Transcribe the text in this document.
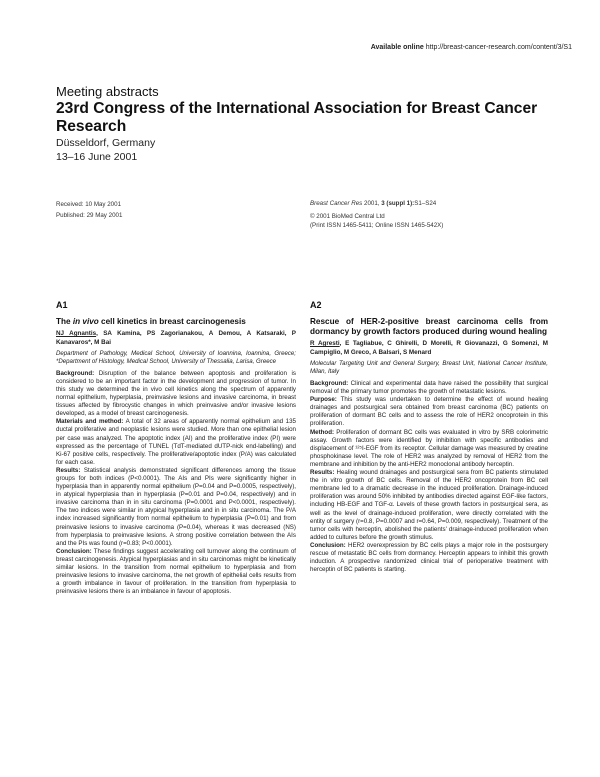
Available online http://breast-cancer-research.com/content/3/S1
Meeting abstracts
23rd Congress of the International Association for Breast Cancer Research
Düsseldorf, Germany
13–16 June 2001
Received: 10 May 2001
Published: 29 May 2001
Breast Cancer Res 2001, 3 (suppl 1):S1–S24
© 2001 BioMed Central Ltd
(Print ISSN 1465-5411; Online ISSN 1465-542X)
A1
The in vivo cell kinetics in breast carcinogenesis
NJ Agnantis, SA Kamina, PS Zagorianakou, A Demou, A Katsaraki, P Kanavaros*, M Bai
Department of Pathology, Medical School, University of Ioannina, Ioannina, Greece; *Department of Histology, Medical School, University of Thessalia, Larisa, Greece

Background: Disruption of the balance between apoptosis and proliferation is considered to be an important factor in the development and progression of tumor. In this study we determined the in vivo cell kinetics along the spectrum of apparently normal epithelium, hyperplasia, preinvasive lesions and invasive carcinoma, in breast tissues affected by fibrocystic changes in which preinvasive and/or invasive lesions developed, as a model of breast carcinogenesis.

Materials and method: A total of 32 areas of apparently normal epithelium and 135 ductal proliferative and neoplastic lesions were studied. More than one epithelial lesion per case was analyzed. The apoptotic index (AI) and the proliferative index (PI) were expressed as the percentage of TUNEL (TdT-mediated dUTP-nick end-labelling) and Ki-67 positive cells, respectively. The proliferative/apoptotic index (P/A) was calculated for each case.

Results: Statistical analysis demonstrated significant differences among the tissue groups for both indices (P<0.0001). The AIs and PIs were significantly higher in hyperplasia than in apparently normal epithelium (P=0.04 and P=0.0005, respectively), in atypical hyperplasia than in hyperplasia (P=0.01 and P=0.04, respectively) and in invasive carcinoma than in in situ carcinoma (P=0.0001 and P<0.0001, respectively). The two indices were similar in atypical hyperplasia and in in situ carcinoma. The P/A index increased significantly from normal epithelium to hyperplasia (P=0.01) and from preinvasive lesions to invasive carcinoma (P=0.04), whereas it was decreased (NS) from hyperplasia to preinvasive lesions. A strong positive correlation between the AIs and the PIs was found (r=0.83; P<0.0001).

Conclusion: These findings suggest accelerating cell turnover along the continuum of breast carcinogenesis. Atypical hyperplasias and in situ carcinomas might be kinetically similar lesions. In the transition from normal epithelium to hyperplasia and from preinvasive lesions to invasive carcinoma, the net growth of epithelial cells results from a growth imbalance in favour of proliferation. In the transition from hyperplasia to preinvasive lesions there is an imbalance in favour of apoptosis.

A2
Rescue of HER-2-positive breast carcinoma cells from dormancy by growth factors produced during wound healing
R Agresti, E Tagliabue, C Ghirelli, D Morelli, R Giovanazzi, G Somenzi, M Campiglio, M Greco, A Balsari, S Menard
Molecular Targeting Unit and General Surgery, Breast Unit, National Cancer Institute, Milan, Italy

Background: Clinical and experimental data have raised the possibility that surgical removal of the primary tumor promotes the growth of metastatic lesions.

Purpose: This study was undertaken to determine the effect of wound healing drainages and postsurgical sera obtained from breast carcinoma (BC) patients on proliferation of dormant BC cells and to assess the role of HER2 oncoprotein in this proliferation.

Method: Proliferation of dormant BC cells was evaluated in vitro by SRB colorimetric assay. Growth factors were identified by inhibition with specific antibodies and displacement of ¹²⁵I-EGF from its receptor. Cellular damage was measured by creatine phosphokinase level. The role of HER2 was analyzed by removal of HER2 from the membrane and inhibition by the anti-HER2 monoclonal antibody herceptin.

Results: Healing wound drainages and postsurgical sera from BC patients stimulated the in vitro growth of BC cells. Removal of the HER2 oncoprotein from BC cell membrane led to a dramatic decrease in the induced proliferation. Drainage-induced proliferation was around 50% inhibited by antibodies directed against EGF-like factors, including HB-EGF and TGF-α. Levels of these growth factors in postsurgical sera, as well as the level of drainage-induced proliferation, were directly correlated with the entity of surgery (r=0.8, P=0.0007 and r=0.64, P=0.009, respectively). Treatment of the tumor cells with herceptin, abolished the patients' drainage-induced proliferation when added to cultures before the growth stimulus.

Conclusion: HER2 overexpression by BC cells plays a major role in the postsurgery rescue of metastatic BC cells from dormancy. Herceptin appears to inhibit this growth induction. A prospective randomized clinical trial of perioperative treatment with herceptin of BC patients is starting.
